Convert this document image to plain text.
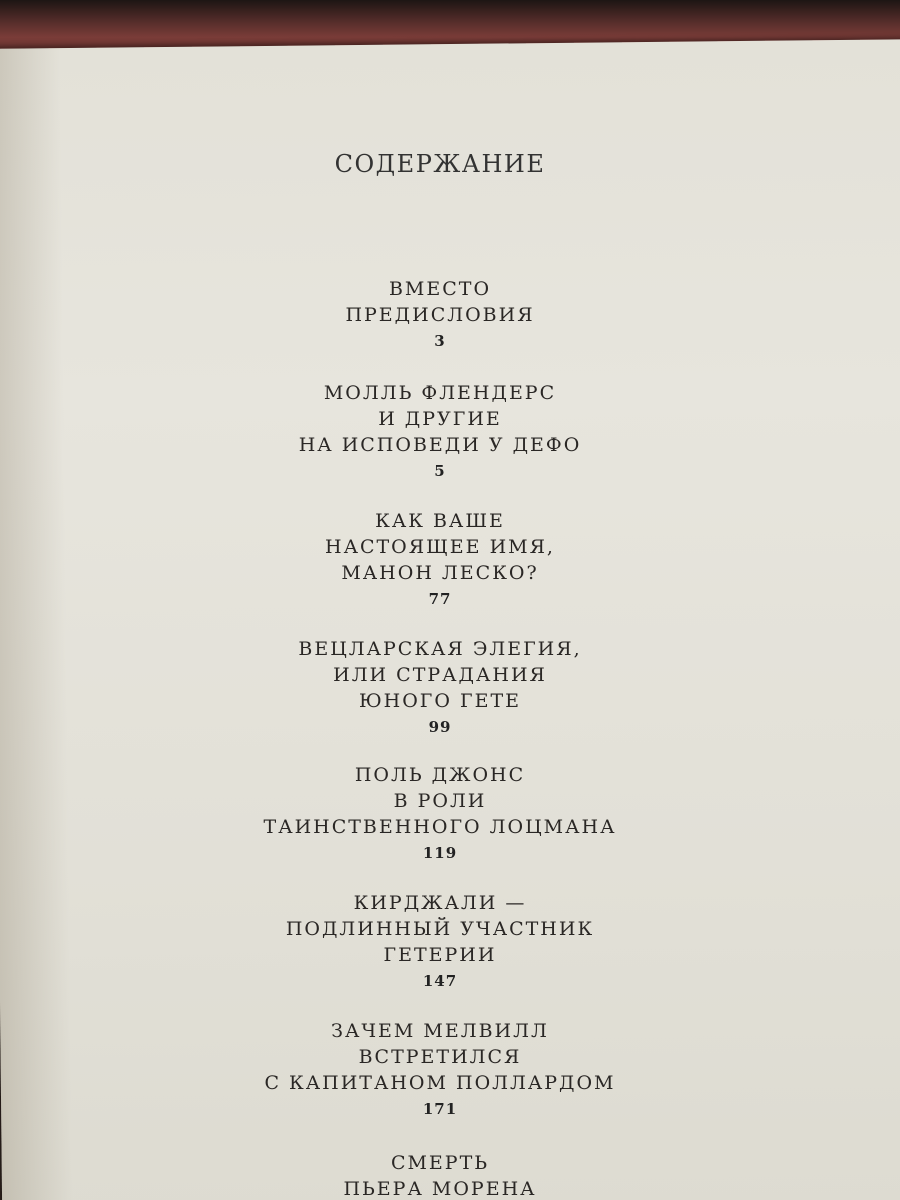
СОДЕРЖАНИЕ
ВМЕСТО
ПРЕДИСЛОВИЯ
3
МОЛЛЬ ФЛЕНДЕРС
И ДРУГИЕ
НА ИСПОВЕДИ У ДЕФО
5
КАК ВАШЕ
НАСТОЯЩЕЕ ИМЯ,
МАНОН ЛЕСКО?
77
ВЕЦЛАРСКАЯ ЭЛЕГИЯ,
ИЛИ СТРАДАНИЯ
ЮНОГО ГЕТЕ
99
ПОЛЬ ДЖОНС
В РОЛИ
ТАИНСТВЕННОГО ЛОЦМАНА
119
КИРДЖАЛИ —
ПОДЛИННЫЙ УЧАСТНИК
ГЕТЕРИИ
147
ЗАЧЕМ МЕЛВИЛЛ
ВСТРЕТИЛСЯ
С КАПИТАНОМ ПОЛЛАРДОМ
171
СМЕРТЬ
ПЬЕРА МОРЕНА
